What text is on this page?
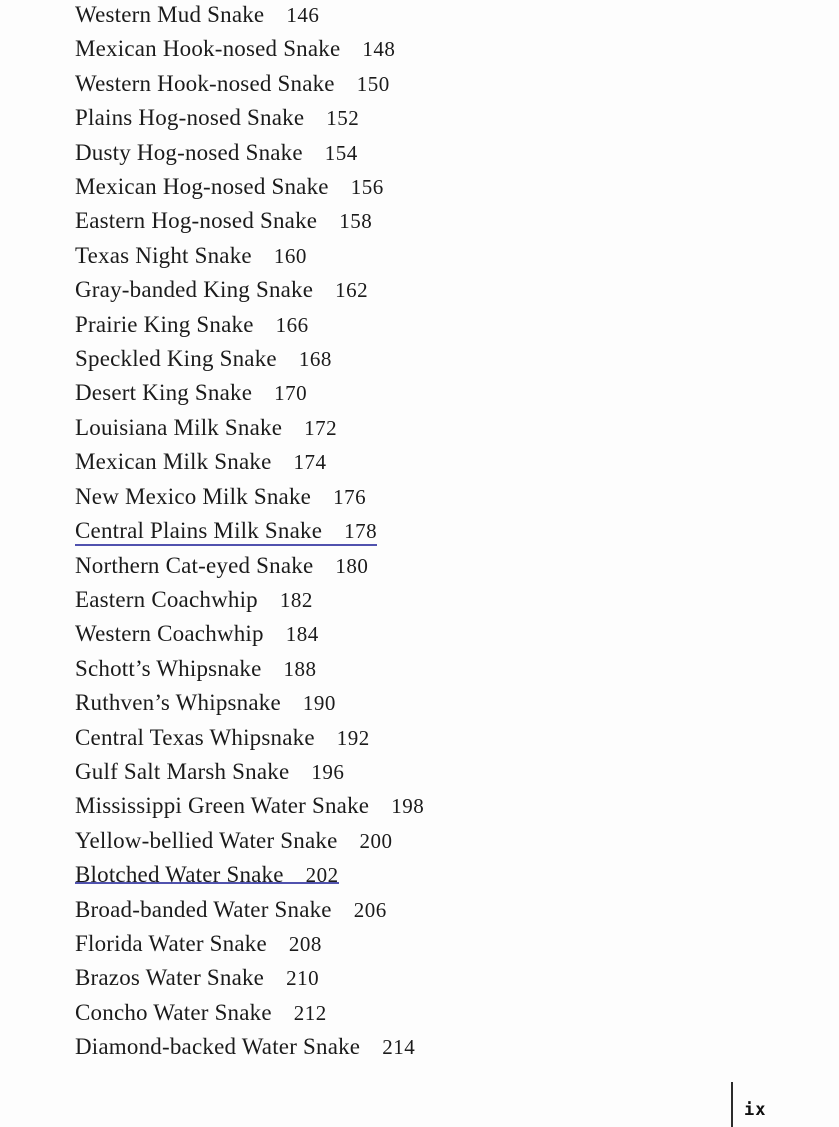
Western Mud Snake 146
Mexican Hook-nosed Snake 148
Western Hook-nosed Snake 150
Plains Hog-nosed Snake 152
Dusty Hog-nosed Snake 154
Mexican Hog-nosed Snake 156
Eastern Hog-nosed Snake 158
Texas Night Snake 160
Gray-banded King Snake 162
Prairie King Snake 166
Speckled King Snake 168
Desert King Snake 170
Louisiana Milk Snake 172
Mexican Milk Snake 174
New Mexico Milk Snake 176
Central Plains Milk Snake 178
Northern Cat-eyed Snake 180
Eastern Coachwhip 182
Western Coachwhip 184
Schott’s Whipsnake 188
Ruthven’s Whipsnake 190
Central Texas Whipsnake 192
Gulf Salt Marsh Snake 196
Mississippi Green Water Snake 198
Yellow-bellied Water Snake 200
Blotched Water Snake 202
Broad-banded Water Snake 206
Florida Water Snake 208
Brazos Water Snake 210
Concho Water Snake 212
Diamond-backed Water Snake 214
ix
